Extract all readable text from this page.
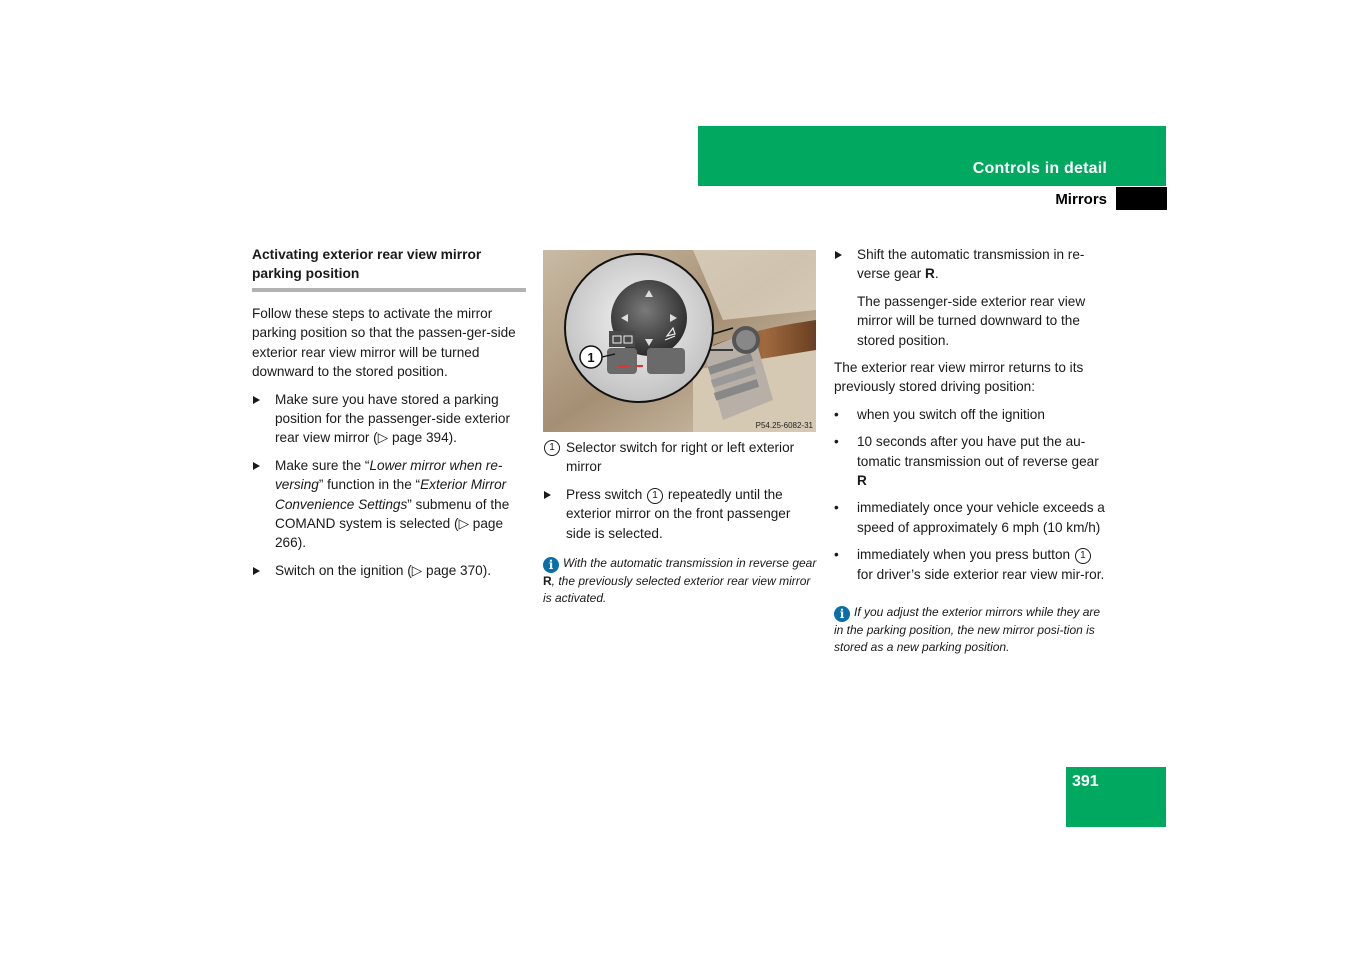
Controls in detail
Mirrors
Activating exterior rear view mirror parking position

Follow these steps to activate the mirror parking position so that the passen-ger-side exterior rear view mirror will be turned downward to the stored position.

Make sure you have stored a parking position for the passenger-side exterior rear view mirror (▷ page 394).
Make sure the “Lower mirror when re-versing” function in the “Exterior Mirror Convenience Settings” submenu of the COMAND system is selected (▷ page 266).
Switch on the ignition (▷ page 370).
1
P54.25-6082-31
1 Selector switch for right or left exterior mirror
Press switch 1 repeatedly until the exterior mirror on the front passenger side is selected.
i With the automatic transmission in reverse gear R, the previously selected exterior rear view mirror is activated.
Shift the automatic transmission in re-verse gear R.

The passenger-side exterior rear view mirror will be turned downward to the stored position.

The exterior rear view mirror returns to its previously stored driving position:

• when you switch off the ignition
• 10 seconds after you have put the au-tomatic transmission out of reverse gear R
• immediately once your vehicle exceeds a speed of approximately 6 mph (10 km/h)
• immediately when you press button 1 for driver’s side exterior rear view mir-ror.
i If you adjust the exterior mirrors while they are in the parking position, the new mirror posi-tion is stored as a new parking position.
391
